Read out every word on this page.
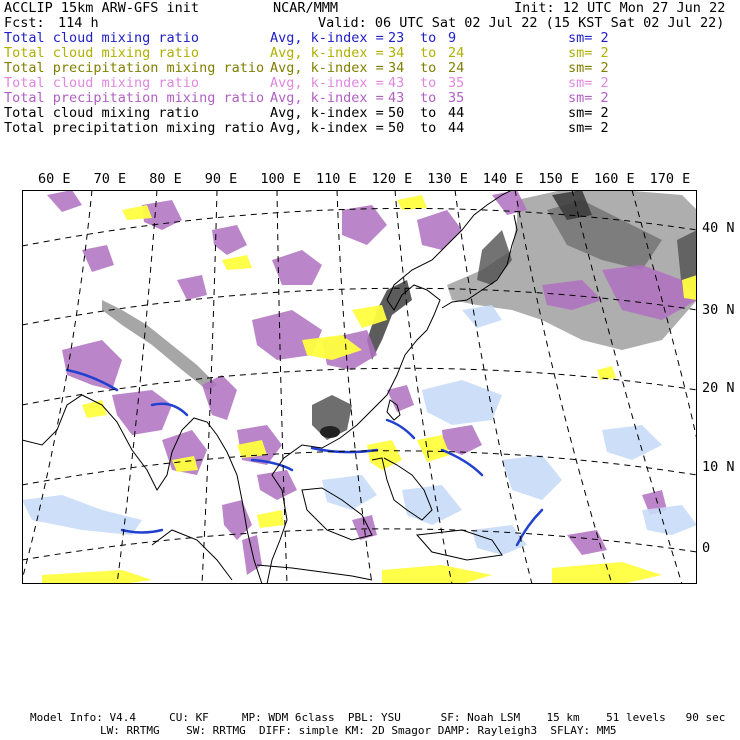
ACCLIP 15km ARW-GFS init	NCAR/MMM	Init: 12 UTC Mon 27 Jun 22
Fcst: 114 h	Valid: 06 UTC Sat 02 Jul 22 (15 KST Sat 02 Jul 22)
Total cloud mixing ratio	Avg, k-index = 23 to 9	sm= 2
Total cloud mixing ratio	Avg, k-index = 34 to 24	sm= 2
Total precipitation mixing ratio Avg, k-index = 34 to 24	sm= 2
Total cloud mixing ratio	Avg, k-index = 43 to 35	sm= 2
Total precipitation mixing ratio Avg, k-index = 43 to 35	sm= 2
Total cloud mixing ratio	Avg, k-index = 50 to 44	sm= 2
Total precipitation mixing ratio Avg, k-index = 50 to 44	sm= 2
60 E 70 E 80 E 90 E 100 E 110 E 120 E 130 E 140 E 150 E 160 E 170 E
40 N
30 N
20 N
10 N
0
Model Info: V4.4     CU: KF     MP: WDM 6class  PBL: YSU      SF: Noah LSM    15 km    51 levels   90 sec
LW: RRTMG    SW: RRTMG  DIFF: simple KM: 2D Smagor DAMP: Rayleigh3  SFLAY: MM5
